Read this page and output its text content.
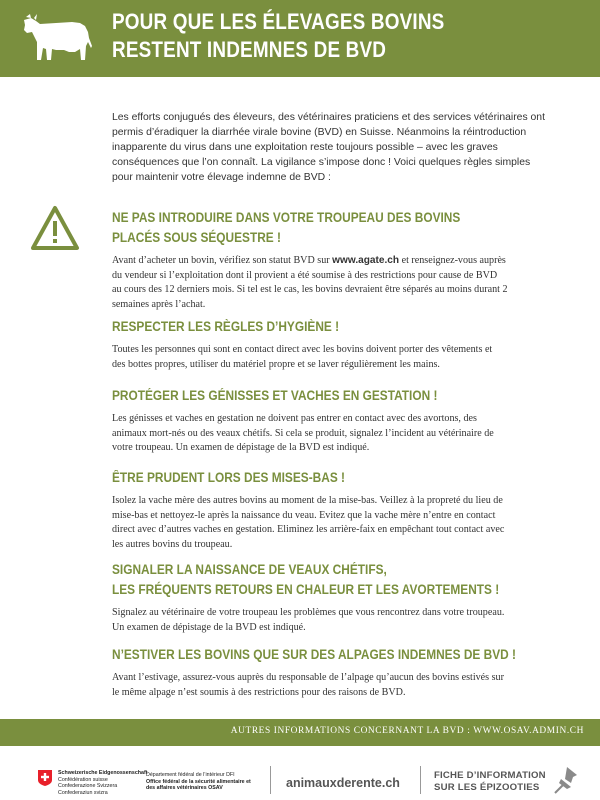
POUR QUE LES ÉLEVAGES BOVINS
RESTENT INDEMNES DE BVD
Les efforts conjugués des éleveurs, des vétérinaires praticiens et des services vétérinaires ont permis d’éradiquer la diarrhée virale bovine (BVD) en Suisse. Néanmoins la réintroduction inapparente du virus dans une exploitation reste toujours possible – avec les graves conséquences que l’on connaît. La vigilance s’impose donc ! Voici quelques règles simples pour maintenir votre élevage indemne de BVD :
NE PAS INTRODUIRE DANS VOTRE TROUPEAU DES BOVINS
PLACÉS SOUS SÉQUESTRE !

Avant d’acheter un bovin, vérifiez son statut BVD sur www.agate.ch et renseignez-vous auprès du vendeur si l’exploitation dont il provient a été soumise à des restrictions pour cause de BVD au cours des 12 derniers mois. Si tel est le cas, les bovins devraient être séparés au moins durant 2 semaines après l’achat.

RESPECTER LES RÈGLES D’HYGIÈNE !

Toutes les personnes qui sont en contact direct avec les bovins doivent porter des vêtements et des bottes propres, utiliser du matériel propre et se laver régulièrement les mains.

PROTÉGER LES GÉNISSES ET VACHES EN GESTATION !

Les génisses et vaches en gestation ne doivent pas entrer en contact avec des avortons, des animaux mort-nés ou des veaux chétifs. Si cela se produit, signalez l’incident au vétérinaire de votre troupeau. Un examen de dépistage de la BVD est indiqué.

ÊTRE PRUDENT LORS DES MISES-BAS !

Isolez la vache mère des autres bovins au moment de la mise-bas. Veillez à la propreté du lieu de mise-bas et nettoyez-le après la naissance du veau. Evitez que la vache mère n’entre en contact direct avec d’autres vaches en gestation. Eliminez les arrière-faix en empêchant tout contact avec les autres bovins du troupeau.

SIGNALER LA NAISSANCE DE VEAUX CHÉTIFS,
LES FRÉQUENTS RETOURS EN CHALEUR ET LES AVORTEMENTS !

Signalez au vétérinaire de votre troupeau les problèmes que vous rencontrez dans votre troupeau. Un examen de dépistage de la BVD est indiqué.

N’ESTIVER LES BOVINS QUE SUR DES ALPAGES INDEMNES DE BVD !

Avant l’estivage, assurez-vous auprès du responsable de l’alpage qu’aucun des bovins estivés sur le même alpage n’est soumis à des restrictions pour des raisons de BVD.

AUTRES INFORMATIONS CONCERNANT LA BVD : WWW.OSAV.ADMIN.CH
Schweizerische Eidgenossenschaft
Confédération suisse
Confederazione Svizzera
Confederaziun svizra
Département fédéral de l’intérieur DFI
Office fédéral de la sécurité alimentaire et
des affaires vétérinaires OSAV	animauxderente.ch
FICHE D’INFORMATION
SUR LES ÉPIZOOTIES
